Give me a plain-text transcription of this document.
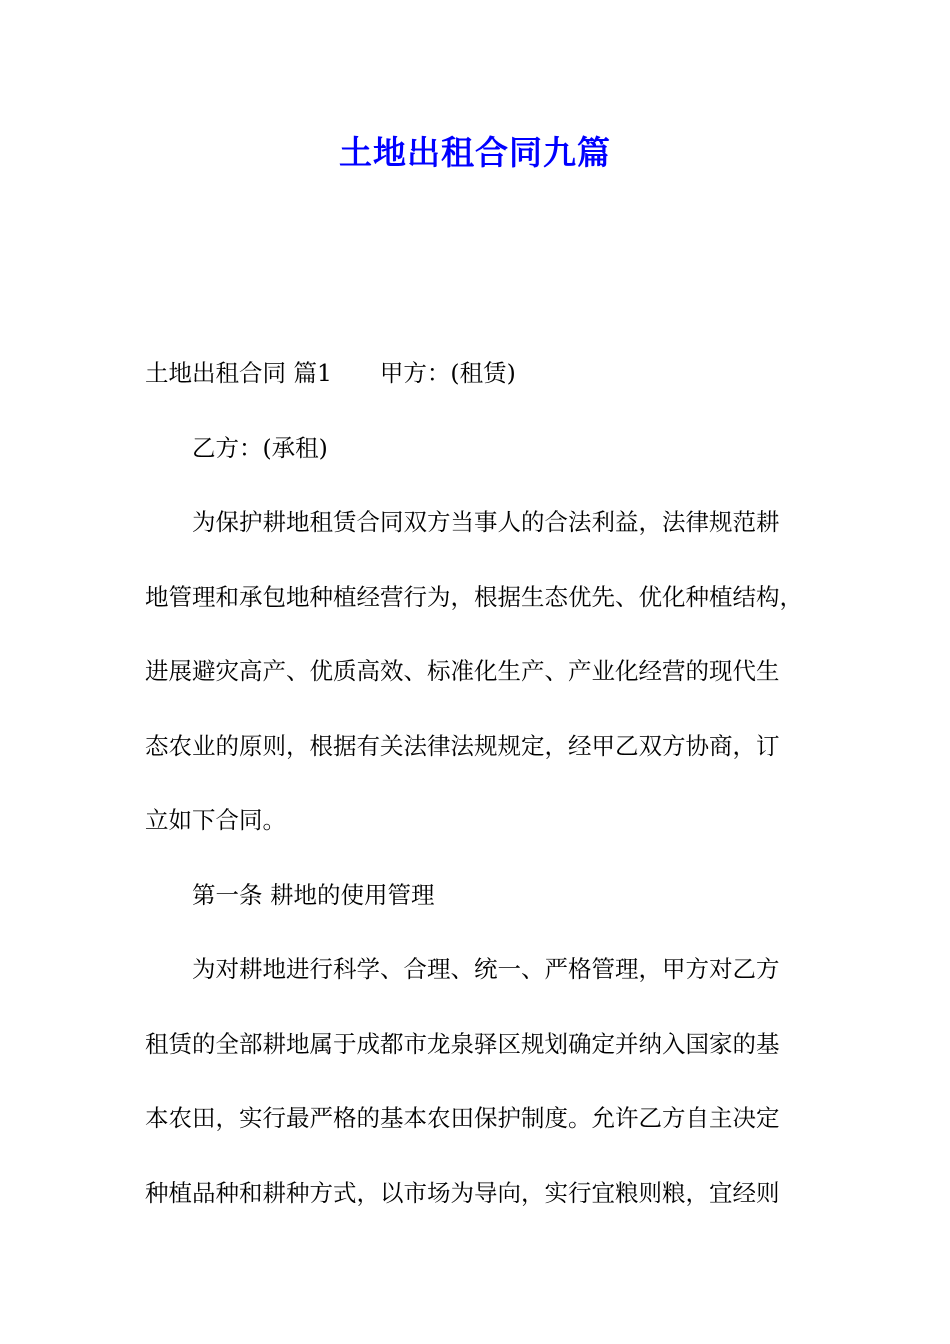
土地出租合同九篇

土地出租合同 篇1 甲方：(租赁)

乙方：(承租)

为保护耕地租赁合同双方当事人的合法利益，法律规范耕

地管理和承包地种植经营行为，根据生态优先、优化种植结构，

进展避灾高产、优质高效、标准化生产、产业化经营的现代生

态农业的原则，根据有关法律法规规定，经甲乙双方协商，订

立如下合同。

第一条 耕地的使用管理

为对耕地进行科学、合理、统一、严格管理，甲方对乙方

租赁的全部耕地属于成都市龙泉驿区规划确定并纳入国家的基

本农田，实行最严格的基本农田保护制度。允许乙方自主决定

种植品种和耕种方式，以市场为导向，实行宜粮则粮，宜经则
